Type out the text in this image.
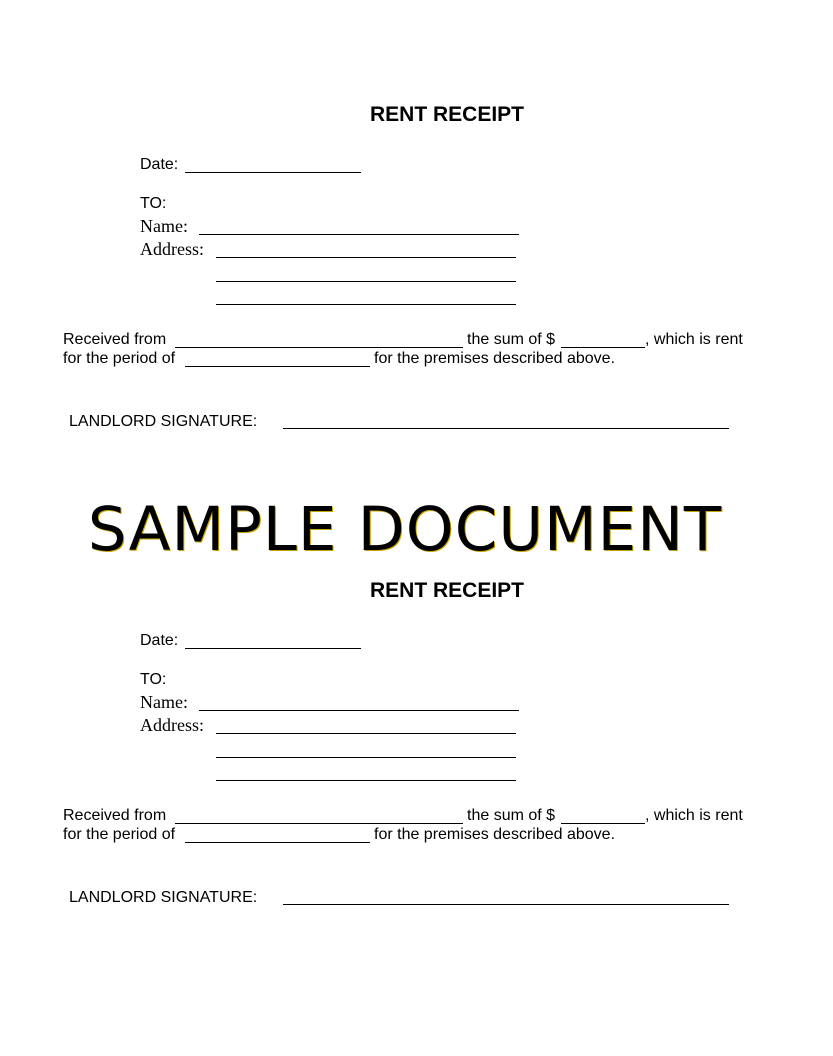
RENT RECEIPT
Date:
TO:
Name:
Address:
Received from	the sum of $	, which is rent
for the period of	for the premises described above.
LANDLORD SIGNATURE:
SAMPLE DOCUMENT
RENT RECEIPT
Date:
TO:
Name:
Address:
Received from	the sum of $	, which is rent
for the period of	for the premises described above.
LANDLORD SIGNATURE:
